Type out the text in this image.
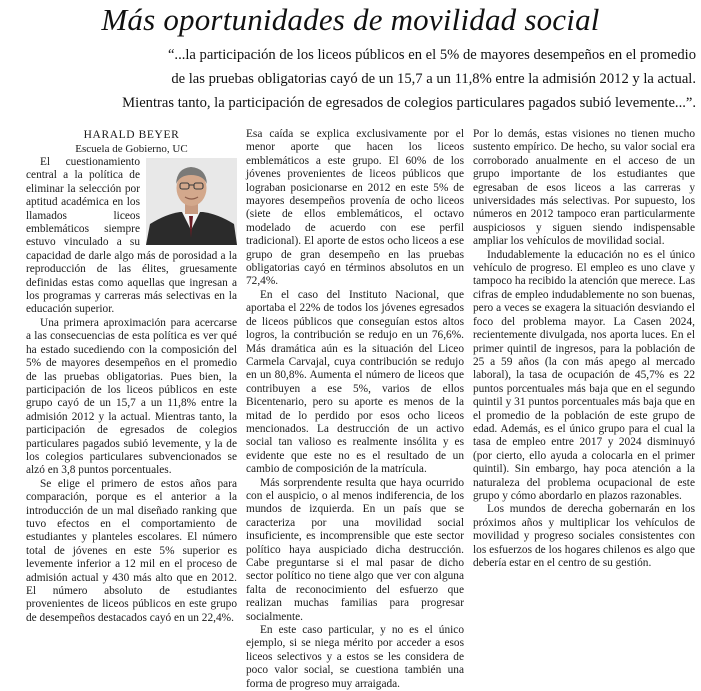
Más oportunidades de movilidad social
“...la participación de los liceos públicos en el 5% de mayores desempeños en el promedio
de las pruebas obligatorias cayó de un 15,7 a un 11,8% entre la admisión 2012 y la actual.
Mientras tanto, la participación de egresados de colegios particulares pagados subió levemente...”.

HARALD BEYER

Escuela de Gobierno, UC

El cuestionamiento central a la política de eliminar la selección por aptitud académica en los llamados liceos emblemáticos siempre estuvo vinculado a su capacidad de darle algo más de porosidad a la reproducción de las élites, gruesamente definidas estas como aquellas que ingresan a los programas y carreras más selectivas en la educación superior.

Una primera aproximación para acercarse a las consecuencias de esta política es ver qué ha estado sucediendo con la composición del 5% de mayores desempeños en el promedio de las pruebas obligatorias. Pues bien, la participación de los liceos públicos en este grupo cayó de un 15,7 a un 11,8% entre la admisión 2012 y la actual. Mientras tanto, la participación de egresados de colegios particulares pagados subió levemente, y la de los colegios particulares subvencionados se alzó en 3,8 puntos porcentuales.

Se elige el primero de estos años para comparación, porque es el anterior a la introducción de un mal diseñado ranking que tuvo efectos en el comportamiento de estudiantes y planteles escolares. El número total de jóvenes en este 5% superior es levemente inferior a 12 mil en el proceso de admisión actual y 430 más alto que en 2012. El número absoluto de estudiantes provenientes de liceos públicos en este grupo de desempeños destacados cayó en un 22,4%.

Esa caída se explica exclusivamente por el menor aporte que hacen los liceos emblemáticos a este grupo. El 60% de los jóvenes provenientes de liceos públicos que lograban posicionarse en 2012 en este 5% de mayores desempeños provenía de ocho liceos (siete de ellos emblemáticos, el octavo modelado de acuerdo con ese perfil tradicional). El aporte de estos ocho liceos a ese grupo de gran desempeño en las pruebas obligatorias cayó en términos absolutos en un 72,4%.

En el caso del Instituto Nacional, que aportaba el 22% de todos los jóvenes egresados de liceos públicos que conseguían estos altos logros, la contribución se redujo en un 76,6%. Más dramática aún es la situación del Liceo Carmela Carvajal, cuya contribución se redujo en un 80,8%. Aumenta el número de liceos que contribuyen a ese 5%, varios de ellos Bicentenario, pero su aporte es menos de la mitad de lo perdido por esos ocho liceos mencionados. La destrucción de un activo social tan valioso es realmente insólita y es evidente que este no es el resultado de un cambio de composición de la matrícula.

Más sorprendente resulta que haya ocurrido con el auspicio, o al menos indiferencia, de los mundos de izquierda. En un país que se caracteriza por una movilidad social insuficiente, es incomprensible que este sector político haya auspiciado dicha destrucción. Cabe preguntarse si el mal pasar de dicho sector político no tiene algo que ver con alguna falta de reconocimiento del esfuerzo que realizan muchas familias para progresar socialmente.

En este caso particular, y no es el único ejemplo, si se niega mérito por acceder a esos liceos selectivos y a estos se les considera de poco valor social, se cuestiona también una forma de progreso muy arraigada.

Por lo demás, estas visiones no tienen mucho sustento empírico. De hecho, su valor social era corroborado anualmente en el acceso de un grupo importante de los estudiantes que egresaban de esos liceos a las carreras y universidades más selectivas. Por supuesto, los números en 2012 tampoco eran particularmente auspiciosos y siguen siendo indispensable ampliar los vehículos de movilidad social.

Indudablemente la educación no es el único vehículo de progreso. El empleo es uno clave y tampoco ha recibido la atención que merece. Las cifras de empleo indudablemente no son buenas, pero a veces se exagera la situación desviando el foco del problema mayor. La Casen 2024, recientemente divulgada, nos aporta luces. En el primer quintil de ingresos, para la población de 25 a 59 años (la con más apego al mercado laboral), la tasa de ocupación de 45,7% es 22 puntos porcentuales más baja que en el segundo quintil y 31 puntos porcentuales más baja que en el promedio de la población de este grupo de edad. Además, es el único grupo para el cual la tasa de empleo entre 2017 y 2024 disminuyó (por cierto, ello ayuda a colocarla en el primer quintil). Sin embargo, hay poca atención a la naturaleza del problema ocupacional de este grupo y cómo abordarlo en plazos razonables.

Los mundos de derecha gobernarán en los próximos años y multiplicar los vehículos de movilidad y progreso sociales consistentes con los esfuerzos de los hogares chilenos es algo que debería estar en el centro de su gestión.
